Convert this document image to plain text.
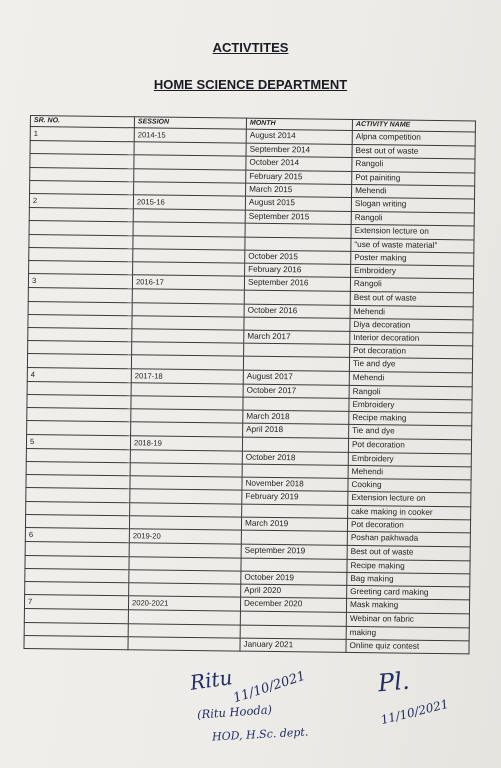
ACTIVTITES
HOME SCIENCE DEPARTMENT
SR. NO.	SESSION	MONTH	ACTIVITY NAME
1	2014-15	August 2014	Alpna competition
		September 2014	Best out of waste
		October 2014	Rangoli
		February 2015	Pot painiting
		March 2015	Mehendi
2	2015-16	August 2015	Slogan writing
		September 2015	Rangoli
			Extension lecture on
			“use of waste material”
		October 2015	Poster making
		February 2016	Embroidery
3	2016-17	September 2016	Rangoli
			Best out of waste
		October 2016	Mehendi
			Diya decoration
		March 2017	Interior decoration
			Pot decoration
			Tie and dye
4	2017-18	August 2017	Mehendi
		October 2017	Rangoli
			Embroidery
		March 2018	Recipe making
		April 2018	Tie and dye
5	2018-19		Pot decoration
		October 2018	Embroidery
			Mehendi
		November 2018	Cooking
		February 2019	Extension lecture on
			cake making in cooker
		March 2019	Pot decoration
6	2019-20		Poshan pakhwada
		September 2019	Best out of waste
			Recipe making
		October 2019	Bag making
		April 2020	Greeting card making
7	2020-2021	December 2020	Mask making
			Webinar on fabric
			making
		January 2021	Online quiz contest
Ritu
11/10/2021
(Ritu Hooda)
HOD, H.Sc. dept.
Pl.
11/10/2021
